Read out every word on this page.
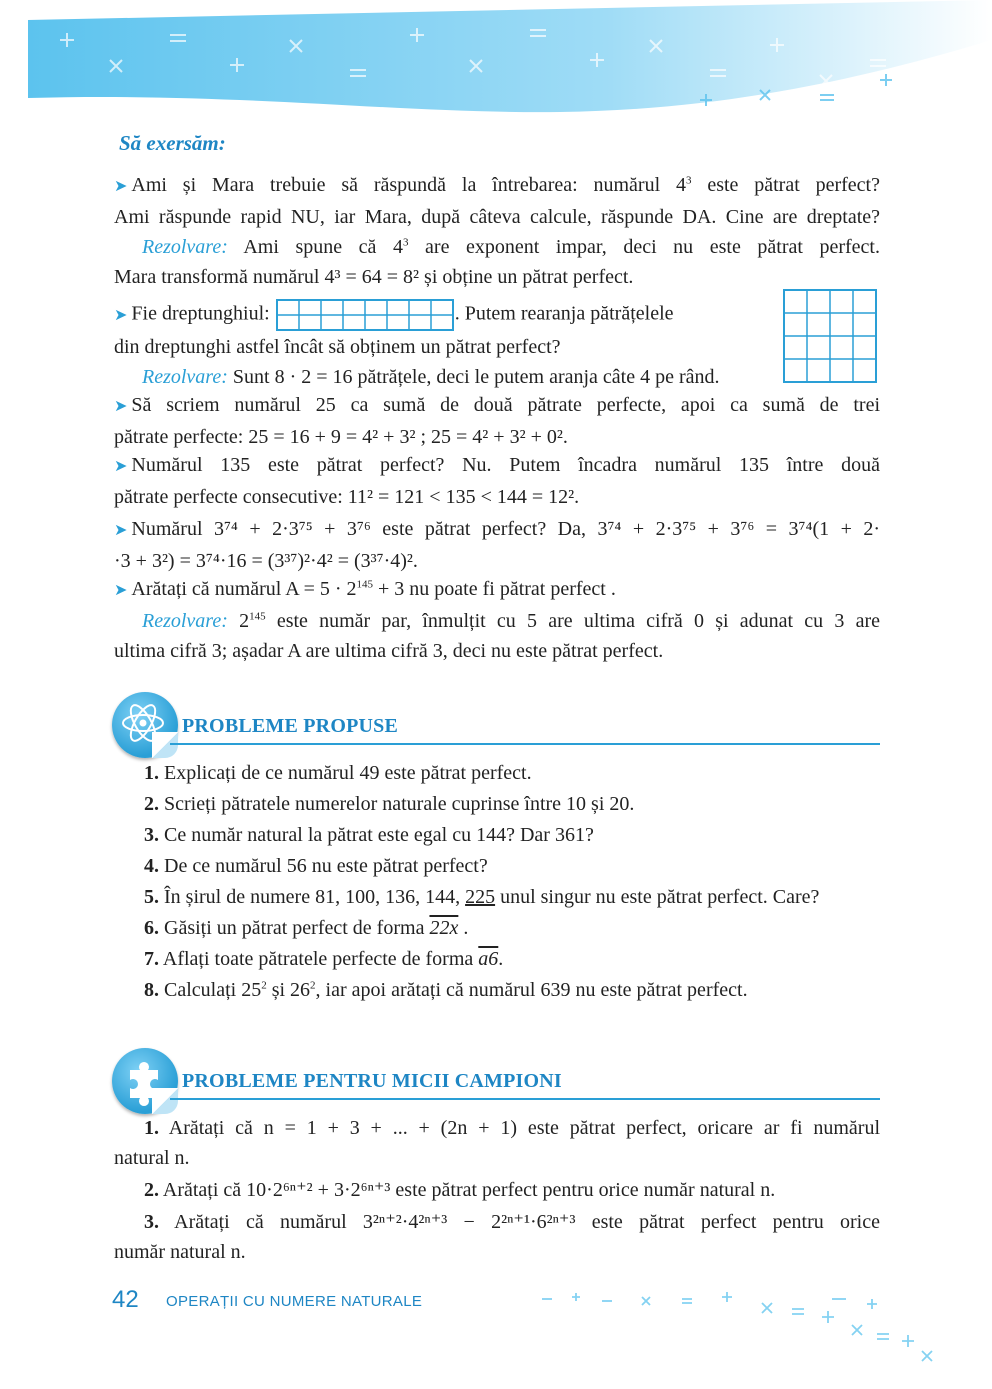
Să exersăm:
➤ Ami și Mara trebuie să răspundă la întrebarea: numărul $4^3$ este pătrat perfect?
Ami răspunde rapid NU, iar Mara, după câteva calcule, răspunde DA. Cine are dreptate?
Rezolvare: Ami spune că $4^3$ are exponent impar, deci nu este pătrat perfect.
Mara transformă numărul 4³ = 64 = 8² și obține un pătrat perfect.
➤ Fie dreptunghiul:	. Putem rearanja pătrățelele
din dreptunghi astfel încât să obținem un pătrat perfect?
Rezolvare: Sunt 8 · 2 = 16 pătrățele, deci le putem aranja câte 4 pe rând.
➤ Să scriem numărul 25 ca sumă de două pătrate perfecte, apoi ca sumă de trei
pătrate perfecte: 25 = 16 + 9 = 4² + 3² ; 25 = 4² + 3² + 0².
➤ Numărul 135 este pătrat perfect? Nu. Putem încadra numărul 135 între două
pătrate perfecte consecutive: 11² = 121 < 135 < 144 = 12².
➤ Numărul 3⁷⁴ + 2·3⁷⁵ + 3⁷⁶ este pătrat perfect? Da, 3⁷⁴ + 2·3⁷⁵ + 3⁷⁶ = 3⁷⁴(1 + 2·
·3 + 3²) = 3⁷⁴·16 = (3³⁷)²·4² = (3³⁷·4)².
➤ Arătați că numărul $A = 5 \cdot 2^{145} + 3$ nu poate fi pătrat perfect .
Rezolvare: $2^{145}$ este număr par, înmulțit cu 5 are ultima cifră 0 și adunat cu 3 are
ultima cifră 3; așadar A are ultima cifră 3, deci nu este pătrat perfect.
PROBLEME PROPUSE
1. Explicați de ce numărul 49 este pătrat perfect.
2. Scrieți pătratele numerelor naturale cuprinse între 10 și 20.
3. Ce număr natural la pătrat este egal cu 144? Dar 361?
4. De ce numărul 56 nu este pătrat perfect?
5. În șirul de numere 81, 100, 136, 144, 225 unul singur nu este pătrat perfect. Care?
6. Găsiți un pătrat perfect de forma 22x .
7. Aflați toate pătratele perfecte de forma a6.
8. Calculați $25^2$ și $26^2$, iar apoi arătați că numărul 639 nu este pătrat perfect.
PROBLEME PENTRU MICII CAMPIONI
1. Arătați că n = 1 + 3 + ... + (2n + 1) este pătrat perfect, oricare ar fi numărul
natural n.
2. Arătați că 10·2⁶ⁿ⁺² + 3·2⁶ⁿ⁺³ este pătrat perfect pentru orice număr natural n.
3. Arătați că numărul 3²ⁿ⁺²·4²ⁿ⁺³ − 2²ⁿ⁺¹·6²ⁿ⁺³ este pătrat perfect pentru orice
număr natural n.
42 OPERAȚII CU NUMERE NATURALE
